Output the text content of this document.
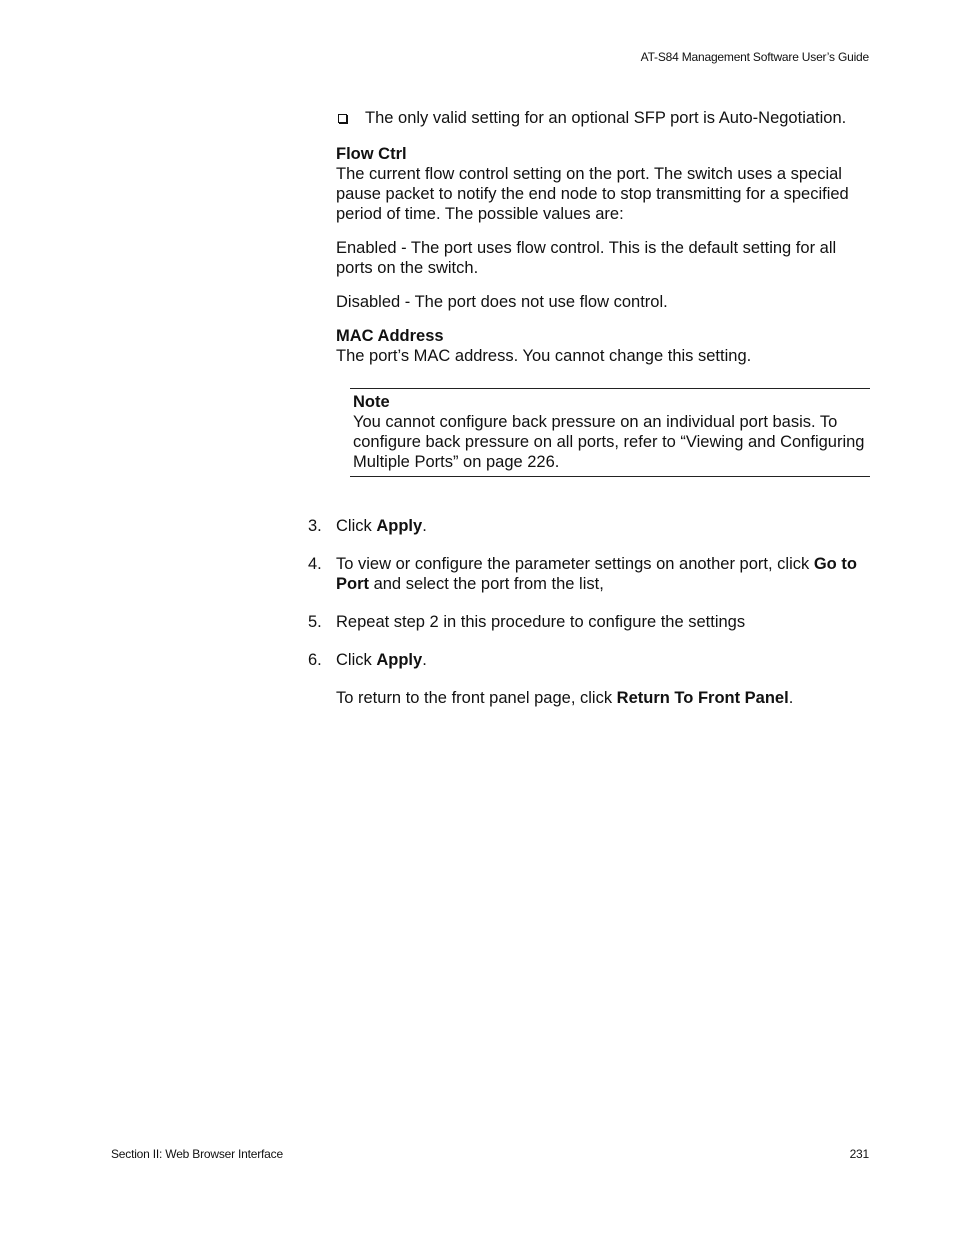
AT-S84 Management Software User’s Guide
The only valid setting for an optional SFP port is Auto-Negotiation.
Flow Ctrl

The current flow control setting on the port. The switch uses a special pause packet to notify the end node to stop transmitting for a specified period of time. The possible values are:

Enabled - The port uses flow control. This is the default setting for all ports on the switch.

Disabled - The port does not use flow control.

MAC Address

The port’s MAC address. You cannot change this setting.

Note
You cannot configure back pressure on an individual port basis. To configure back pressure on all ports, refer to “Viewing and Configuring Multiple Ports” on page 226.
3. Click Apply.
4. To view or configure the parameter settings on another port, click Go to Port and select the port from the list,
5. Repeat step 2 in this procedure to configure the settings
6. Click Apply.
To return to the front panel page, click Return To Front Panel.
Section II: Web Browser Interface	231
